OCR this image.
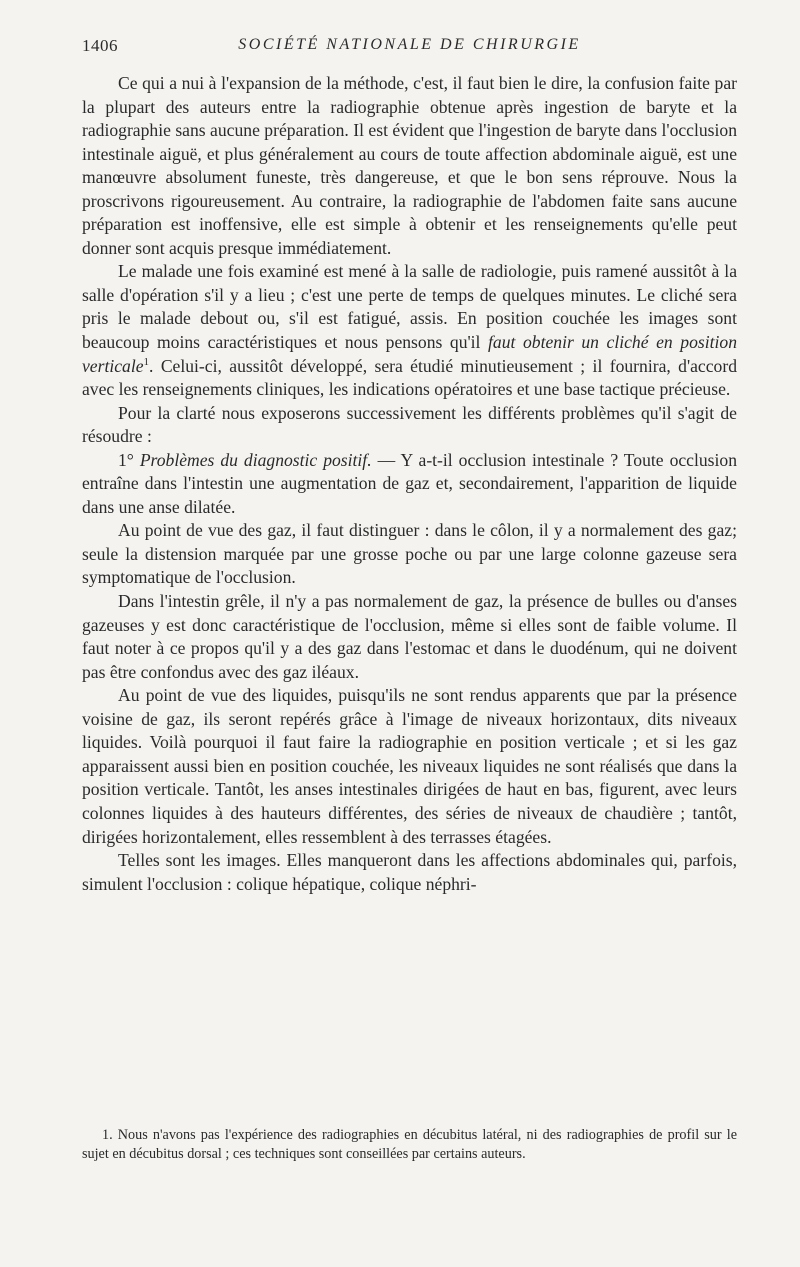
1406	SOCIÉTÉ NATIONALE DE CHIRURGIE

Ce qui a nui à l'expansion de la méthode, c'est, il faut bien le dire, la confusion faite par la plupart des auteurs entre la radiographie obtenue après ingestion de baryte et la radiographie sans aucune préparation. Il est évident que l'ingestion de baryte dans l'occlusion intestinale aiguë, et plus généralement au cours de toute affection abdominale aiguë, est une manœuvre absolument funeste, très dangereuse, et que le bon sens réprouve. Nous la proscrivons rigoureusement. Au contraire, la radiographie de l'abdomen faite sans aucune préparation est inoffensive, elle est simple à obtenir et les renseignements qu'elle peut donner sont acquis presque immédiatement.

Le malade une fois examiné est mené à la salle de radiologie, puis ramené aussitôt à la salle d'opération s'il y a lieu ; c'est une perte de temps de quelques minutes. Le cliché sera pris le malade debout ou, s'il est fatigué, assis. En position couchée les images sont beaucoup moins caractéristiques et nous pensons qu'il faut obtenir un cliché en position verticale$^1$. Celui-ci, aussitôt développé, sera étudié minutieusement ; il fournira, d'accord avec les renseignements cliniques, les indications opératoires et une base tactique précieuse.

Pour la clarté nous exposerons successivement les différents problèmes qu'il s'agit de résoudre :

1° Problèmes du diagnostic positif. — Y a-t-il occlusion intestinale ? Toute occlusion entraîne dans l'intestin une augmentation de gaz et, secondairement, l'apparition de liquide dans une anse dilatée.

Au point de vue des gaz, il faut distinguer : dans le côlon, il y a normalement des gaz; seule la distension marquée par une grosse poche ou par une large colonne gazeuse sera symptomatique de l'occlusion.

Dans l'intestin grêle, il n'y a pas normalement de gaz, la présence de bulles ou d'anses gazeuses y est donc caractéristique de l'occlusion, même si elles sont de faible volume. Il faut noter à ce propos qu'il y a des gaz dans l'estomac et dans le duodénum, qui ne doivent pas être confondus avec des gaz iléaux.

Au point de vue des liquides, puisqu'ils ne sont rendus apparents que par la présence voisine de gaz, ils seront repérés grâce à l'image de niveaux horizontaux, dits niveaux liquides. Voilà pourquoi il faut faire la radiographie en position verticale ; et si les gaz apparaissent aussi bien en position couchée, les niveaux liquides ne sont réalisés que dans la position verticale. Tantôt, les anses intestinales dirigées de haut en bas, figurent, avec leurs colonnes liquides à des hauteurs différentes, des séries de niveaux de chaudière ; tantôt, dirigées horizontalement, elles ressemblent à des terrasses étagées.

Telles sont les images. Elles manqueront dans les affections abdominales qui, parfois, simulent l'occlusion : colique hépatique, colique néphri-

1. Nous n'avons pas l'expérience des radiographies en décubitus latéral, ni des radiographies de profil sur le sujet en décubitus dorsal ; ces techniques sont conseillées par certains auteurs.
